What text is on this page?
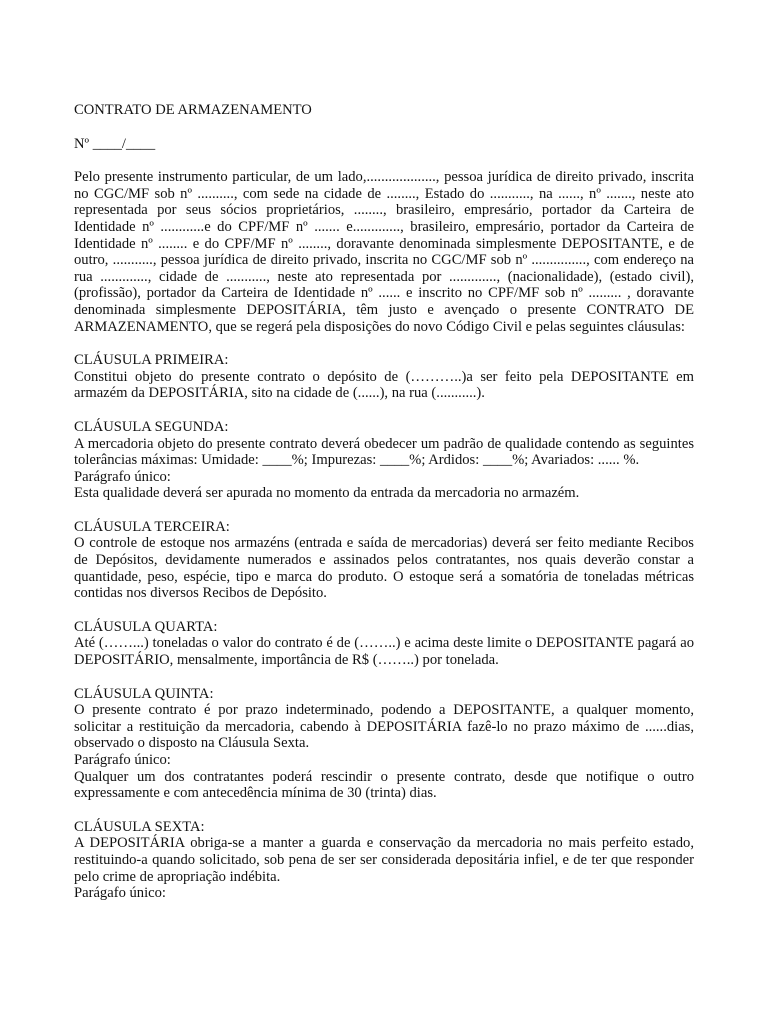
CONTRATO DE ARMAZENAMENTO

Nº ____/____

Pelo presente instrumento particular, de um lado,..................., pessoa jurídica de direito privado, inscrita no CGC/MF sob nº .........., com sede na cidade de ........, Estado do ..........., na ......, nº ......., neste ato representada por seus sócios proprietários, ........, brasileiro, empresário, portador da Carteira de Identidade nº ............e do CPF/MF nº ....... e............., brasileiro, empresário, portador da Carteira de Identidade nº ........ e do CPF/MF nº ........, doravante denominada simplesmente DEPOSITANTE, e de outro, ..........., pessoa jurídica de direito privado, inscrita no CGC/MF sob nº ..............., com endereço na rua ............., cidade de ..........., neste ato representada por ............., (nacionalidade), (estado civil), (profissão), portador da Carteira de Identidade nº ...... e inscrito no CPF/MF sob nº ......... , doravante denominada simplesmente DEPOSITÁRIA, têm justo e avençado o presente CONTRATO DE ARMAZENAMENTO, que se regerá pela disposições do novo Código Civil e pelas seguintes cláusulas:

CLÁUSULA PRIMEIRA:

Constitui objeto do presente contrato o depósito de (………..)a ser feito pela DEPOSITANTE em armazém da DEPOSITÁRIA, sito na cidade de (......), na rua (...........).

CLÁUSULA SEGUNDA:

A mercadoria objeto do presente contrato deverá obedecer um padrão de qualidade contendo as seguintes tolerâncias máximas: Umidade: ____%; Impurezas: ____%; Ardidos: ____%; Avariados: ...... %.

Parágrafo único:

Esta qualidade deverá ser apurada no momento da entrada da mercadoria no armazém.

CLÁUSULA TERCEIRA:

O controle de estoque nos armazéns (entrada e saída de mercadorias) deverá ser feito mediante Recibos de Depósitos, devidamente numerados e assinados pelos contratantes, nos quais deverão constar a quantidade, peso, espécie, tipo e marca do produto. O estoque será a somatória de toneladas métricas contidas nos diversos Recibos de Depósito.

CLÁUSULA QUARTA:

Até (……...) toneladas o valor do contrato é de (……..) e acima deste limite o DEPOSITANTE pagará ao DEPOSITÁRIO, mensalmente, importância de R$ (……..) por tonelada.

CLÁUSULA QUINTA:

O presente contrato é por prazo indeterminado, podendo a DEPOSITANTE, a qualquer momento, solicitar a restituição da mercadoria, cabendo à DEPOSITÁRIA fazê-lo no prazo máximo de ......dias, observado o disposto na Cláusula Sexta.

Parágrafo único:

Qualquer um dos contratantes poderá rescindir o presente contrato, desde que notifique o outro expressamente e com antecedência mínima de 30 (trinta) dias.

CLÁUSULA SEXTA:

A DEPOSITÁRIA obriga-se a manter a guarda e conservação da mercadoria no mais perfeito estado, restituindo-a quando solicitado, sob pena de ser ser considerada depositária infiel, e de ter que responder pelo crime de apropriação indébita.

Parágafo único:
